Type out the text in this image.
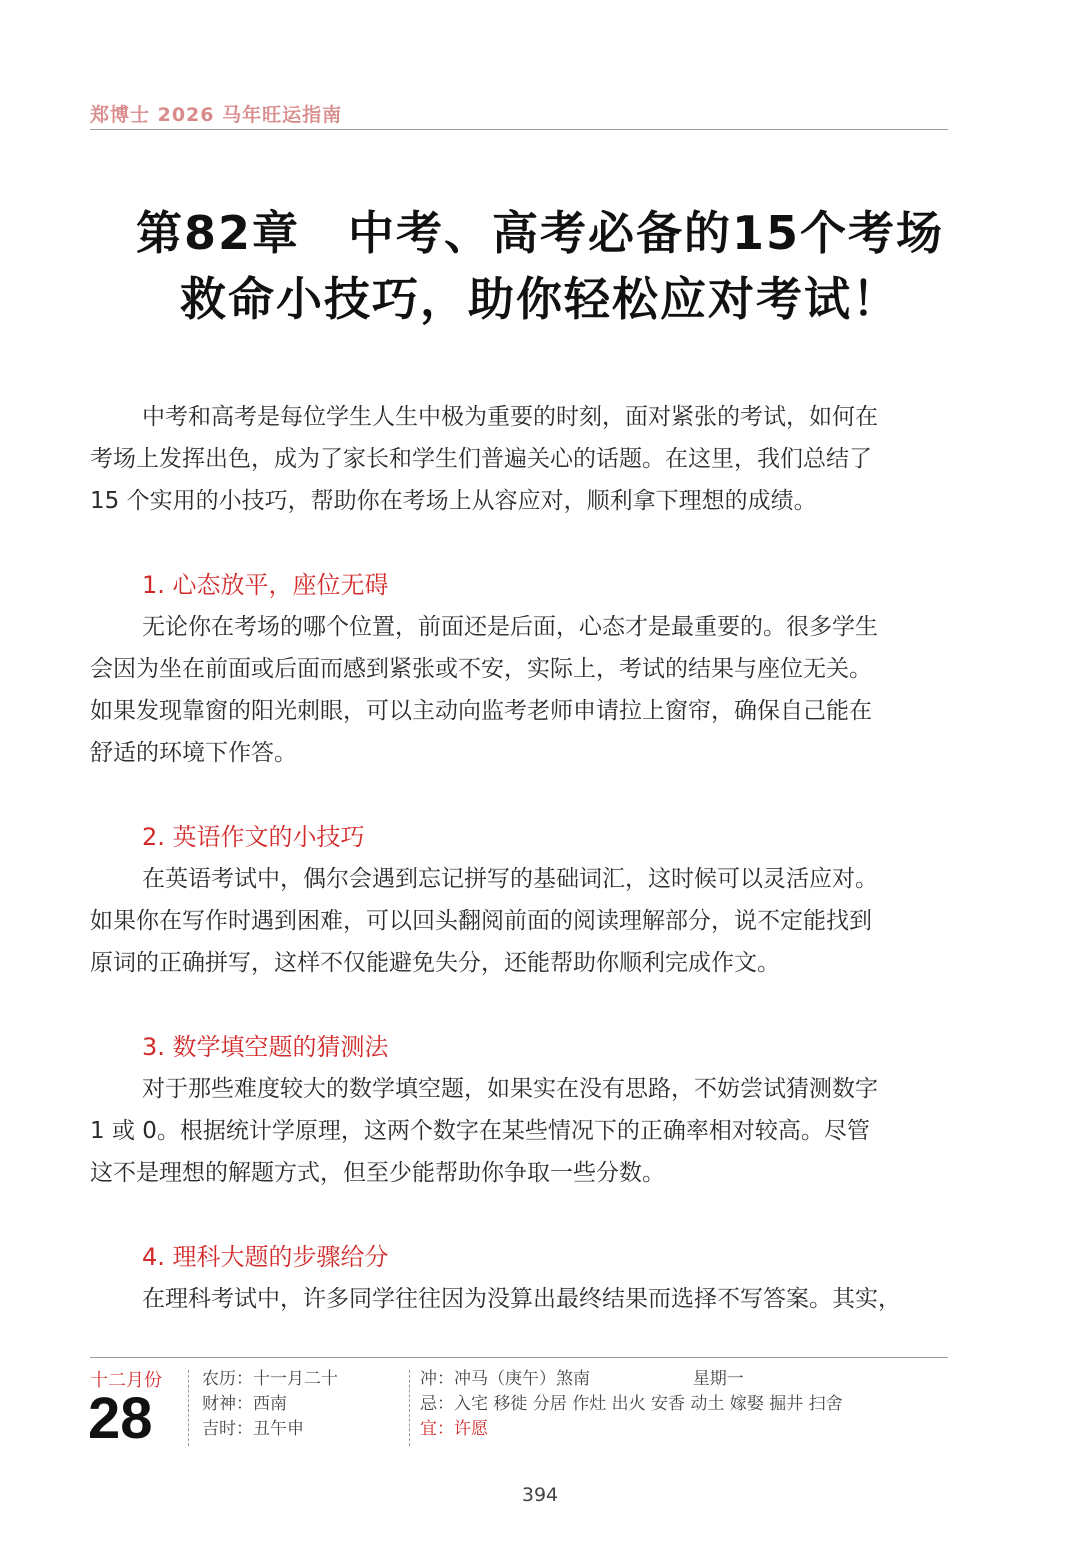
郑博士 2026 马年旺运指南
第82章　中考、高考必备的15个考场
救命小技巧，助你轻松应对考试！

中考和高考是每位学生人生中极为重要的时刻，面对紧张的考试，如何在

考场上发挥出色，成为了家长和学生们普遍关心的话题。在这里，我们总结了

15 个实用的小技巧，帮助你在考场上从容应对，顺利拿下理想的成绩。

1. 心态放平，座位无碍

无论你在考场的哪个位置，前面还是后面，心态才是最重要的。很多学生

会因为坐在前面或后面而感到紧张或不安，实际上，考试的结果与座位无关。

如果发现靠窗的阳光刺眼，可以主动向监考老师申请拉上窗帘，确保自己能在

舒适的环境下作答。

2. 英语作文的小技巧

在英语考试中，偶尔会遇到忘记拼写的基础词汇，这时候可以灵活应对。

如果你在写作时遇到困难，可以回头翻阅前面的阅读理解部分，说不定能找到

原词的正确拼写，这样不仅能避免失分，还能帮助你顺利完成作文。

3. 数学填空题的猜测法

对于那些难度较大的数学填空题，如果实在没有思路，不妨尝试猜测数字

1 或 0。根据统计学原理，这两个数字在某些情况下的正确率相对较高。尽管

这不是理想的解题方式，但至少能帮助你争取一些分数。

4. 理科大题的步骤给分

在理科考试中，许多同学往往因为没算出最终结果而选择不写答案。其实，

十二月份
28
农历：十一月二十
财神：西南
吉时：丑午申
冲：冲马（庚午）煞南	星期一
忌：入宅 移徙 分居 作灶 出火 安香 动土 嫁娶 掘井 扫舍
宜：许愿
394
